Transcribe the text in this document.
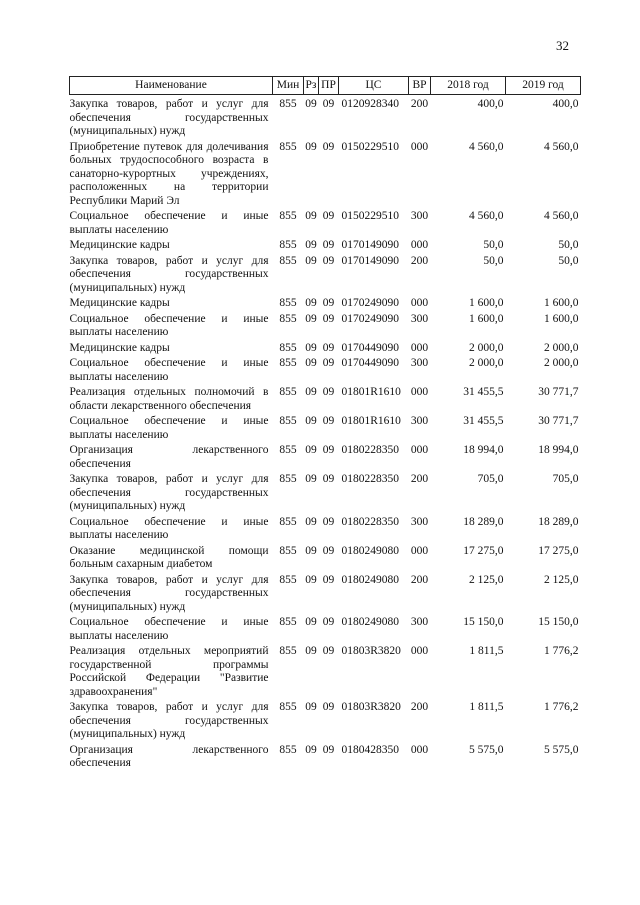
32
Наименование	Мин	Рз	ПР	ЦС	ВР	2018 год	2019 год
Закупка товаров, работ и услуг для обеспечения государственных (муниципальных) нужд	855	09	09	0120928340	200	400,0	400,0
Приобретение путевок для долечивания больных трудоспособного возраста в санаторно-курортных учреждениях, расположенных на территории Республики Марий Эл	855	09	09	0150229510	000	4 560,0	4 560,0
Социальное обеспечение и иные выплаты населению	855	09	09	0150229510	300	4 560,0	4 560,0
Медицинские кадры	855	09	09	0170149090	000	50,0	50,0
Закупка товаров, работ и услуг для обеспечения государственных (муниципальных) нужд	855	09	09	0170149090	200	50,0	50,0
Медицинские кадры	855	09	09	0170249090	000	1 600,0	1 600,0
Социальное обеспечение и иные выплаты населению	855	09	09	0170249090	300	1 600,0	1 600,0
Медицинские кадры	855	09	09	0170449090	000	2 000,0	2 000,0
Социальное обеспечение и иные выплаты населению	855	09	09	0170449090	300	2 000,0	2 000,0
Реализация отдельных полномочий в области лекарственного обеспечения	855	09	09	01801R1610	000	31 455,5	30 771,7
Социальное обеспечение и иные выплаты населению	855	09	09	01801R1610	300	31 455,5	30 771,7
Организация лекарственного обеспечения	855	09	09	0180228350	000	18 994,0	18 994,0
Закупка товаров, работ и услуг для обеспечения государственных (муниципальных) нужд	855	09	09	0180228350	200	705,0	705,0
Социальное обеспечение и иные выплаты населению	855	09	09	0180228350	300	18 289,0	18 289,0
Оказание медицинской помощи больным сахарным диабетом	855	09	09	0180249080	000	17 275,0	17 275,0
Закупка товаров, работ и услуг для обеспечения государственных (муниципальных) нужд	855	09	09	0180249080	200	2 125,0	2 125,0
Социальное обеспечение и иные выплаты населению	855	09	09	0180249080	300	15 150,0	15 150,0
Реализация отдельных мероприятий государственной программы Российской Федерации "Развитие здравоохранения"	855	09	09	01803R3820	000	1 811,5	1 776,2
Закупка товаров, работ и услуг для обеспечения государственных (муниципальных) нужд	855	09	09	01803R3820	200	1 811,5	1 776,2
Организация лекарственного обеспечения	855	09	09	0180428350	000	5 575,0	5 575,0
